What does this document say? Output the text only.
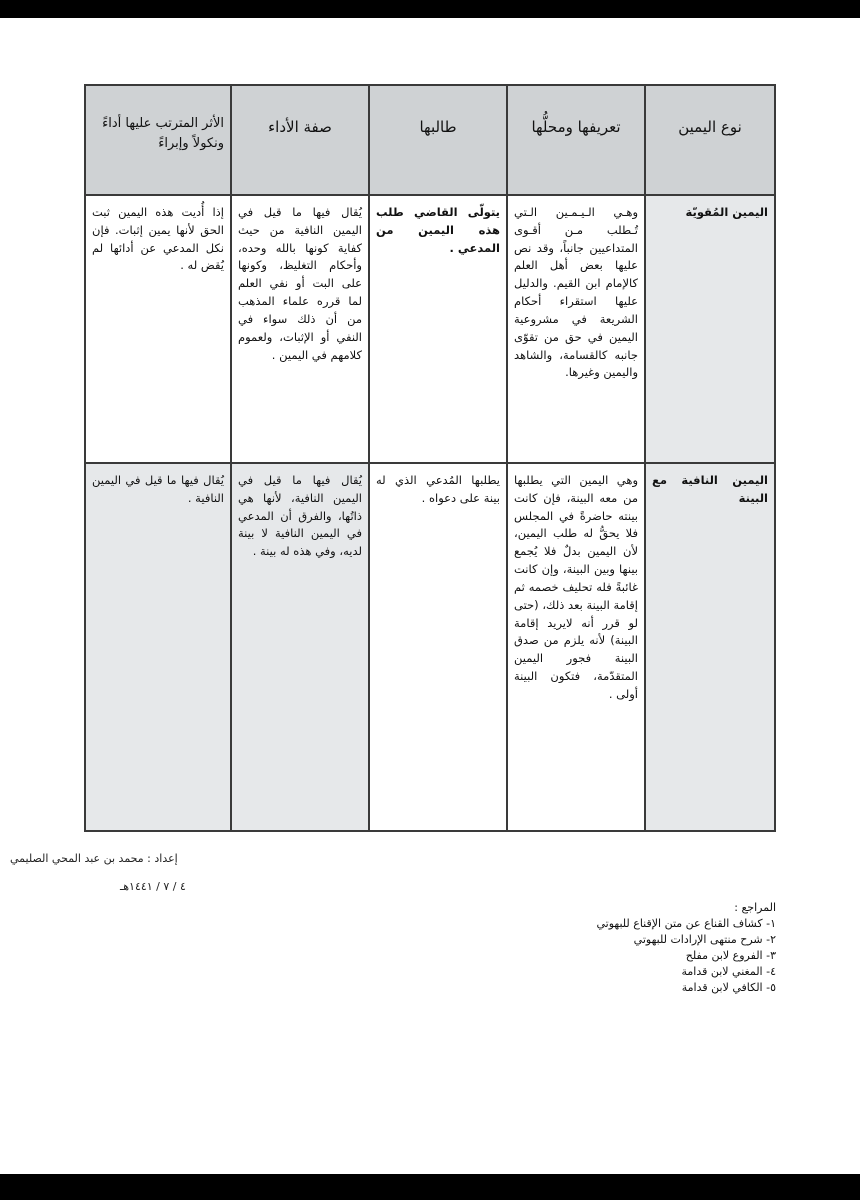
نوع اليمين	تعريفها ومحلُّها	طالبها	صفة الأداء	الأثر المترتب عليها أداءً ونكولاً وإبراءً
اليمين المُقويّة	وهـي الـيـمـين الـتي تُـطلب مـن أقـوى المتداعيين جانباً، وقد نص عليها بعض أهل العلم كالإمام ابن القيم. والدليل عليها استقراء أحكام الشريعة في مشروعية اليمين في حق من تقوّى جانبه كالقسامة، والشاهد واليمين وغيرها.	يتولّى القاضي طلب هذه اليمين من المدعي .	يُقال فيها ما قيل في اليمين النافية من حيث كفاية كونها بالله وحده، وأحكام التغليظ، وكونها على البت أو نفي العلم لما قرره علماء المذهب من أن ذلك سواء في النفي أو الإثبات، ولعموم كلامهم في اليمين .	إذا أُديت هذه اليمين ثبت الحق لأنها يمين إثبات. فإن نكل المدعي عن أدائها لم يُقض له .
اليمين النافية مع البينة	وهي اليمين التي يطلبها من معه البينة، فإن كانت بينته حاضرةً في المجلس فلا يحقُّ له طلب اليمين، لأن اليمين بدلٌ فلا يُجمع بينها وبين البينة، وإن كانت غائبةً فله تحليف خصمه ثم إقامة البينة بعد ذلك، (حتى لو قرر أنه لايريد إقامة البينة) لأنه يلزم من صدق البينة فجور اليمين المتقدّمة، فتكون البينة أولى .	يطلبها المُدعي الذي له بينة على دعواه .	يُقال فيها ما قيل في اليمين النافية، لأنها هي ذاتُها، والفرق أن المدعي في اليمين النافية لا بينة لديه، وفي هذه له بينة .	يُقال فيها ما قيل في اليمين النافية .
إعداد : محمد بن عبد المحي الصليمي
٤ / ٧ / ١٤٤١هـ
المراجع :
١- كشاف القناع عن متن الإقناع للبهوتي
٢- شرح منتهى الإرادات للبهوتي
٣- الفروع لابن مفلح
٤- المغني لابن قدامة
٥- الكافي لابن قدامة
